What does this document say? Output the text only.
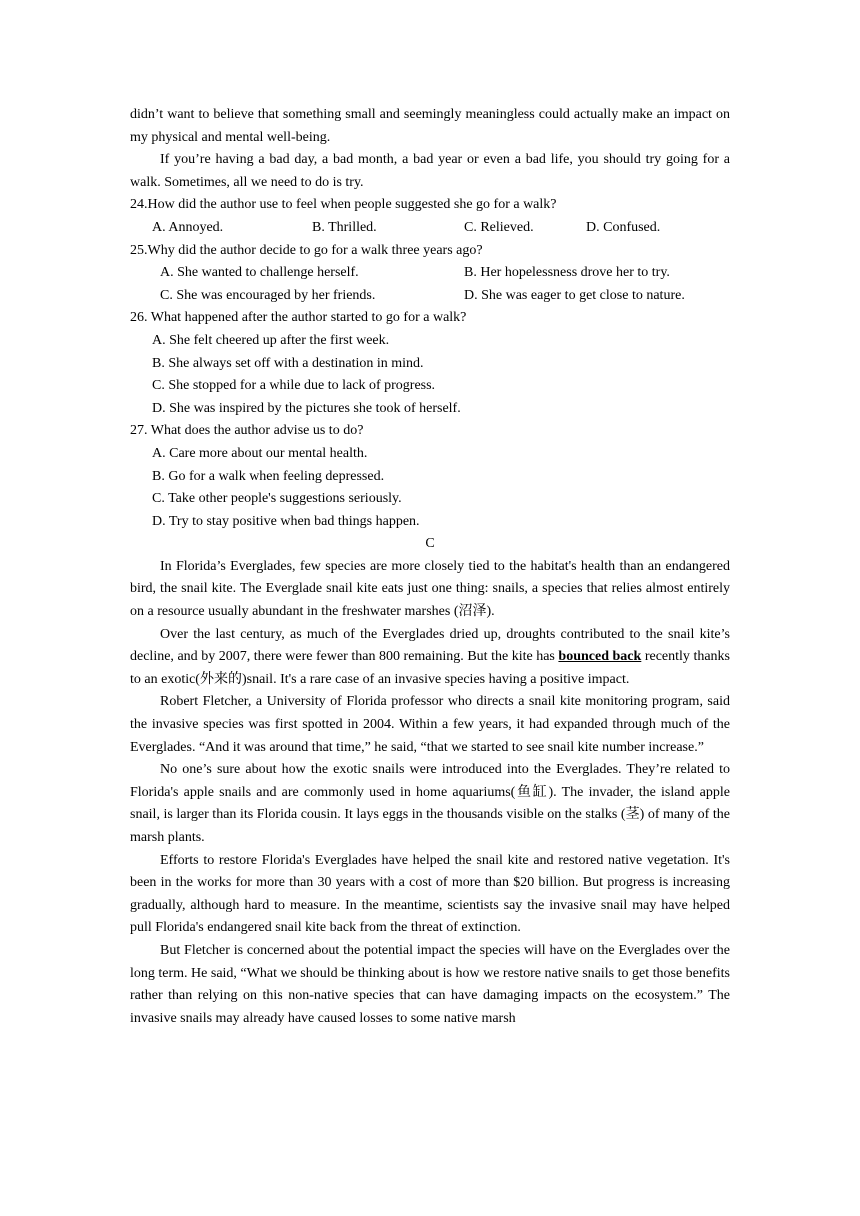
didn’t want to believe that something small and seemingly meaningless could actually make an impact on my physical and mental well-being.

If you’re having a bad day, a bad month, a bad year or even a bad life, you should try going for a walk. Sometimes, all we need to do is try.

24.How did the author use to feel when people suggested she go for a walk?

A. Annoyed.	B. Thrilled.	C. Relieved.	D. Confused.

25.Why did the author decide to go for a walk three years ago?

A. She wanted to challenge herself.	B. Her hopelessness drove her to try.
C. She was encouraged by her friends.	D. She was eager to get close to nature.

26. What happened after the author started to go for a walk?

A. She felt cheered up after the first week.

B. She always set off with a destination in mind.

C. She stopped for a while due to lack of progress.

D. She was inspired by the pictures she took of herself.

27. What does the author advise us to do?

A. Care more about our mental health.

B. Go for a walk when feeling depressed.

C. Take other people's suggestions seriously.

D. Try to stay positive when bad things happen.

C

In Florida’s Everglades, few species are more closely tied to the habitat's health than an endangered bird, the snail kite. The Everglade snail kite eats just one thing: snails, a species that relies almost entirely on a resource usually abundant in the freshwater marshes (沼泽).

Over the last century, as much of the Everglades dried up, droughts contributed to the snail kite’s decline, and by 2007, there were fewer than 800 remaining. But the kite has bounced back recently thanks to an exotic(外来的)snail. It's a rare case of an invasive species having a positive impact.

Robert Fletcher, a University of Florida professor who directs a snail kite monitoring program, said the invasive species was first spotted in 2004. Within a few years, it had expanded through much of the Everglades. “And it was around that time,” he said, “that we started to see snail kite number increase.”

No one’s sure about how the exotic snails were introduced into the Everglades. They’re related to Florida's apple snails and are commonly used in home aquariums(鱼缸). The invader, the island apple snail, is larger than its Florida cousin. It lays eggs in the thousands visible on the stalks (茎) of many of the marsh plants.

Efforts to restore Florida's Everglades have helped the snail kite and restored native vegetation. It's been in the works for more than 30 years with a cost of more than $20 billion. But progress is increasing gradually, although hard to measure. In the meantime, scientists say the invasive snail may have helped pull Florida's endangered snail kite back from the threat of extinction.

But Fletcher is concerned about the potential impact the species will have on the Everglades over the long term. He said, “What we should be thinking about is how we restore native snails to get those benefits rather than relying on this non-native species that can have damaging impacts on the ecosystem.” The invasive snails may already have caused losses to some native marsh
